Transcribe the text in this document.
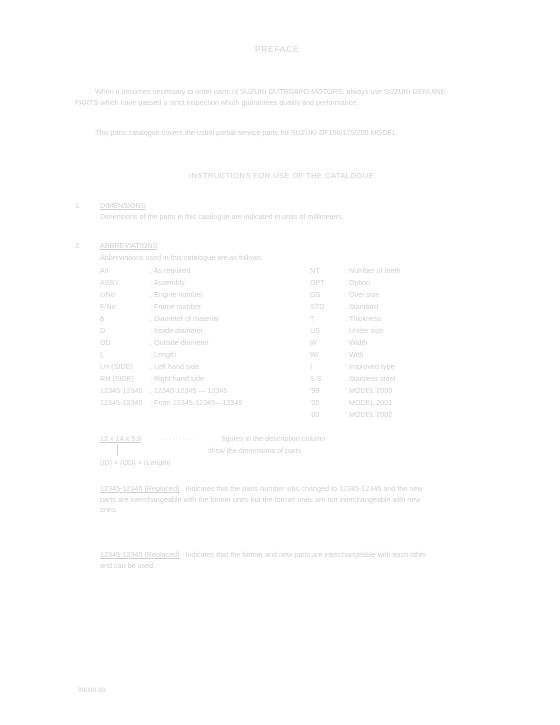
PREFACE
When it becomes necessary to order parts of SUZUKI OUTBOARD MOTORS, always use SUZUKI GENUINE PARTS which have passed a strict inspection which guarantees quality and performance.
This parts catalogue covers the usual partial service parts for SUZUKI DF150/175/200 MODEL.
INSTRUCTIONS FOR USE OF THE CATALOGUE
1.	DIMENSIONS
Dimensions of the parts in this catalogue are indicated in units of millimeters.
2.	ABBREVIATIONS
Abbreviations used in this catalogue are as follows.
A/I	: As required
ASSY	: Assembly
c/No	: Engine number
F/No	: Frame number
ϕ	: Diameter of material
D	: Inside diameter
OD	: Outside diameter
L	: Length
LH (SIDE) : Left hand side
RH (SIDE) : Right hand side
12345-12345 : 12345-12345 — 12345
12345-12345 : From 12345-12345—12345
NT	: Number of teeth
OPT	: Option
OS	: Over size
STD	: Standard
T	: Thickness
US	: Under size
W	: Width
W/	: With
I	: Improved type
S.S	: Stainless steel
'99	: MODEL 2000
'00	: MODEL 2001
'00	: MODEL 2002
12 x 14 x 5.8	··········	figures in the description column
show the dimensions of parts
(ID) × (OD) × (Length)
12345-12345 (Replaced) : Indicates that the parts number was changed to 12345-12345 and the new parts are interchangeable with the former ones but the former ones are not interchangeable with new ones.
12345-12345 (Replaced) : Indicates that the former and new parts are interchangeable with each other and can be used.
99000-99
